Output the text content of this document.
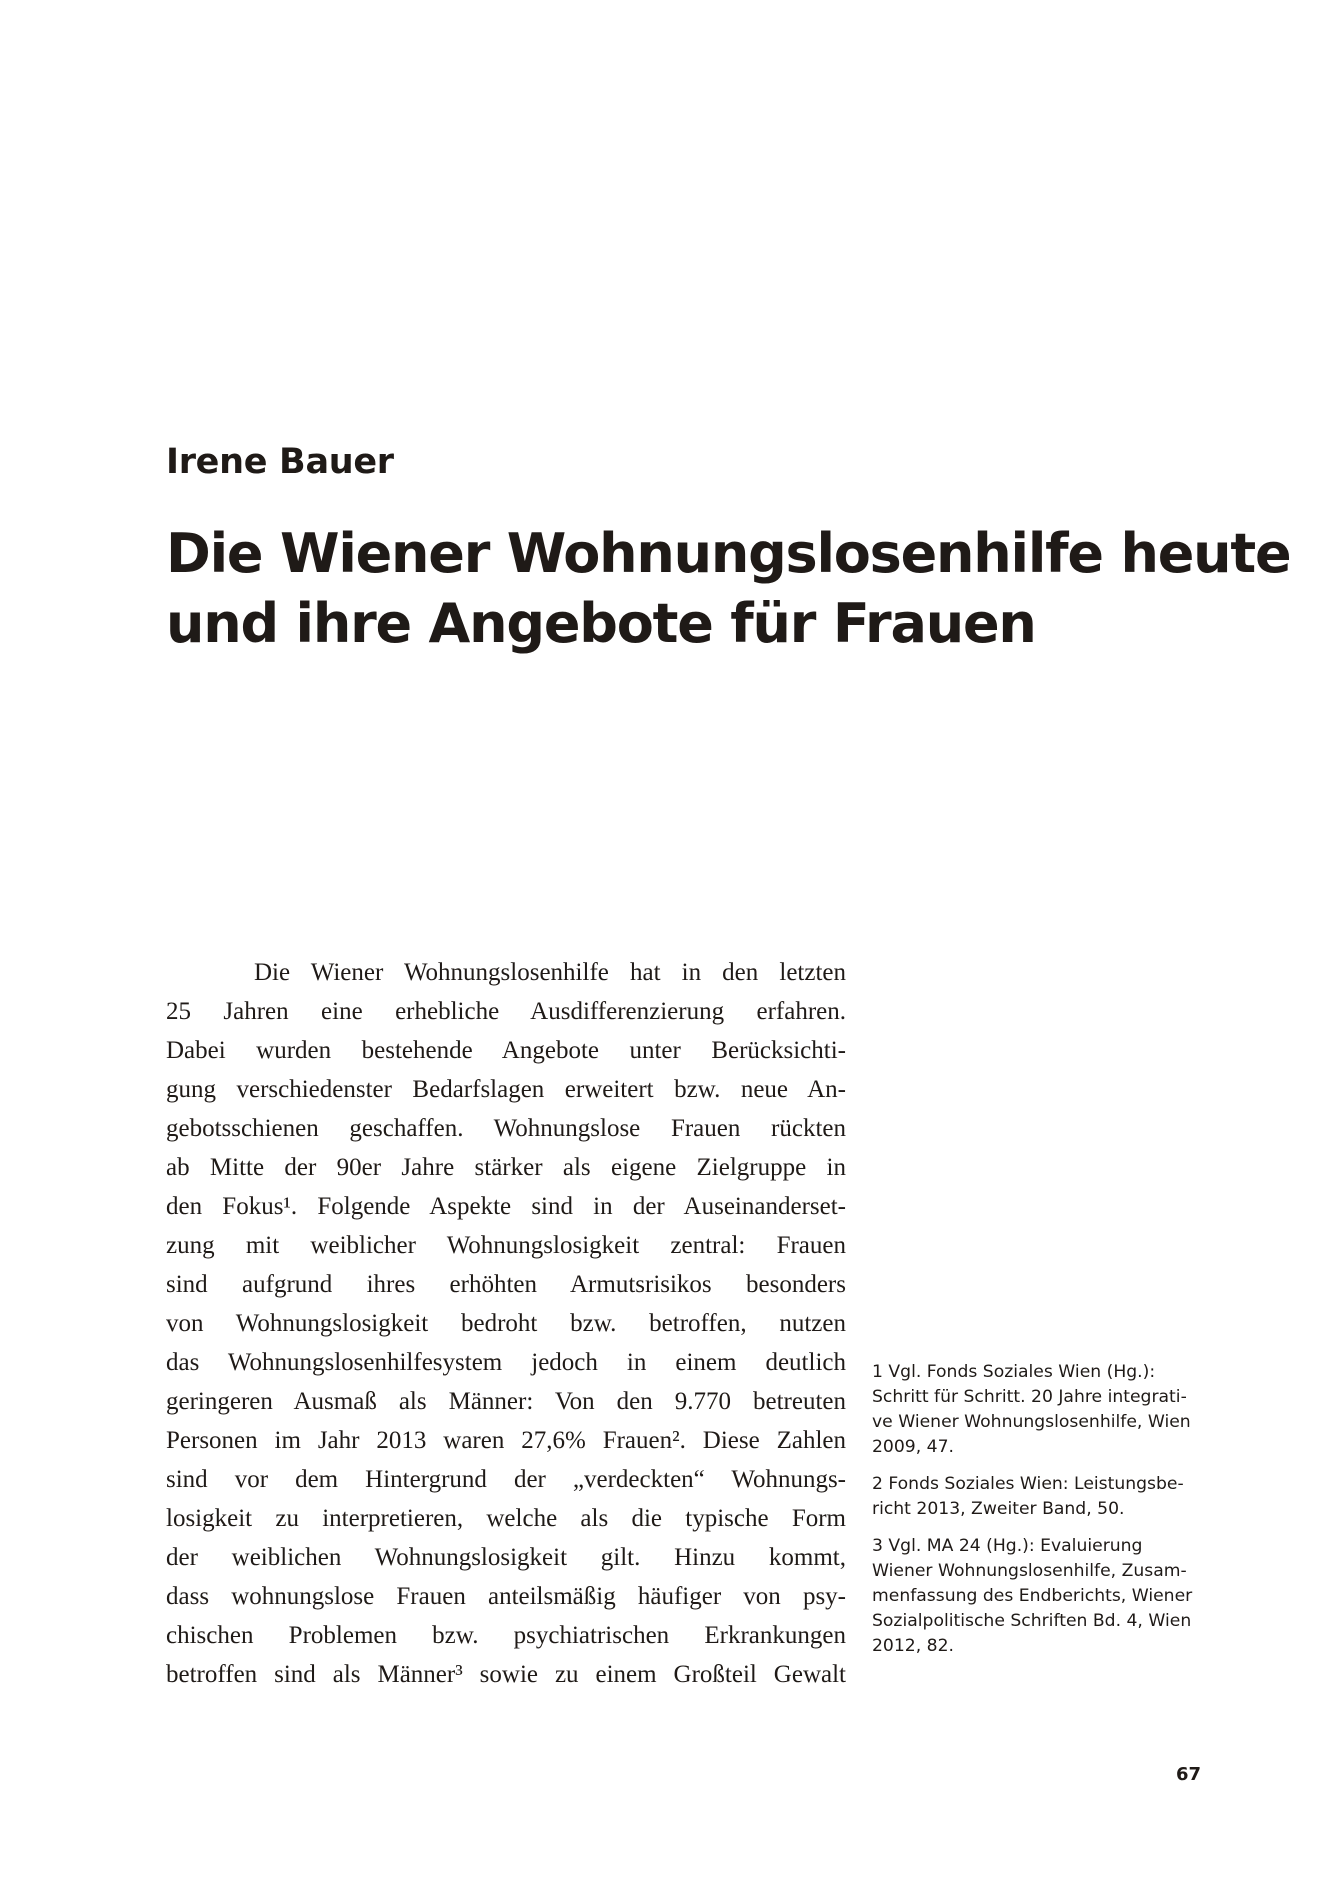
Irene Bauer
Die Wiener Wohnungslosenhilfe heute
und ihre Angebote für Frauen
Die Wiener Wohnungslosenhilfe hat in den letzten
25 Jahren eine erhebliche Ausdifferenzierung erfahren.
Dabei wurden bestehende Angebote unter Berücksichti-
gung verschiedenster Bedarfslagen erweitert bzw. neue An-
gebotsschienen geschaffen. Wohnungslose Frauen rückten
ab Mitte der 90er Jahre stärker als eigene Zielgruppe in
den Fokus¹. Folgende Aspekte sind in der Auseinanderset-
zung mit weiblicher Wohnungslosigkeit zentral: Frauen
sind aufgrund ihres erhöhten Armutsrisikos besonders
von Wohnungslosigkeit bedroht bzw. betroffen, nutzen
das Wohnungslosenhilfesystem jedoch in einem deutlich
geringeren Ausmaß als Männer: Von den 9.770 betreuten
Personen im Jahr 2013 waren 27,6% Frauen². Diese Zahlen
sind vor dem Hintergrund der „verdeckten“ Wohnungs-
losigkeit zu interpretieren, welche als die typische Form
der weiblichen Wohnungslosigkeit gilt. Hinzu kommt,
dass wohnungslose Frauen anteilsmäßig häufiger von psy-
chischen Problemen bzw. psychiatrischen Erkrankungen
betroffen sind als Männer³ sowie zu einem Großteil Gewalt

1 Vgl. Fonds Soziales Wien (Hg.):
Schritt für Schritt. 20 Jahre integrati-
ve Wiener Wohnungslosenhilfe, Wien
2009, 47.

2 Fonds Soziales Wien: Leistungsbe-
richt 2013, Zweiter Band, 50.

3 Vgl. MA 24 (Hg.): Evaluierung
Wiener Wohnungslosenhilfe, Zusam-
menfassung des Endberichts, Wiener
Sozialpolitische Schriften Bd. 4, Wien
2012, 82.

67
